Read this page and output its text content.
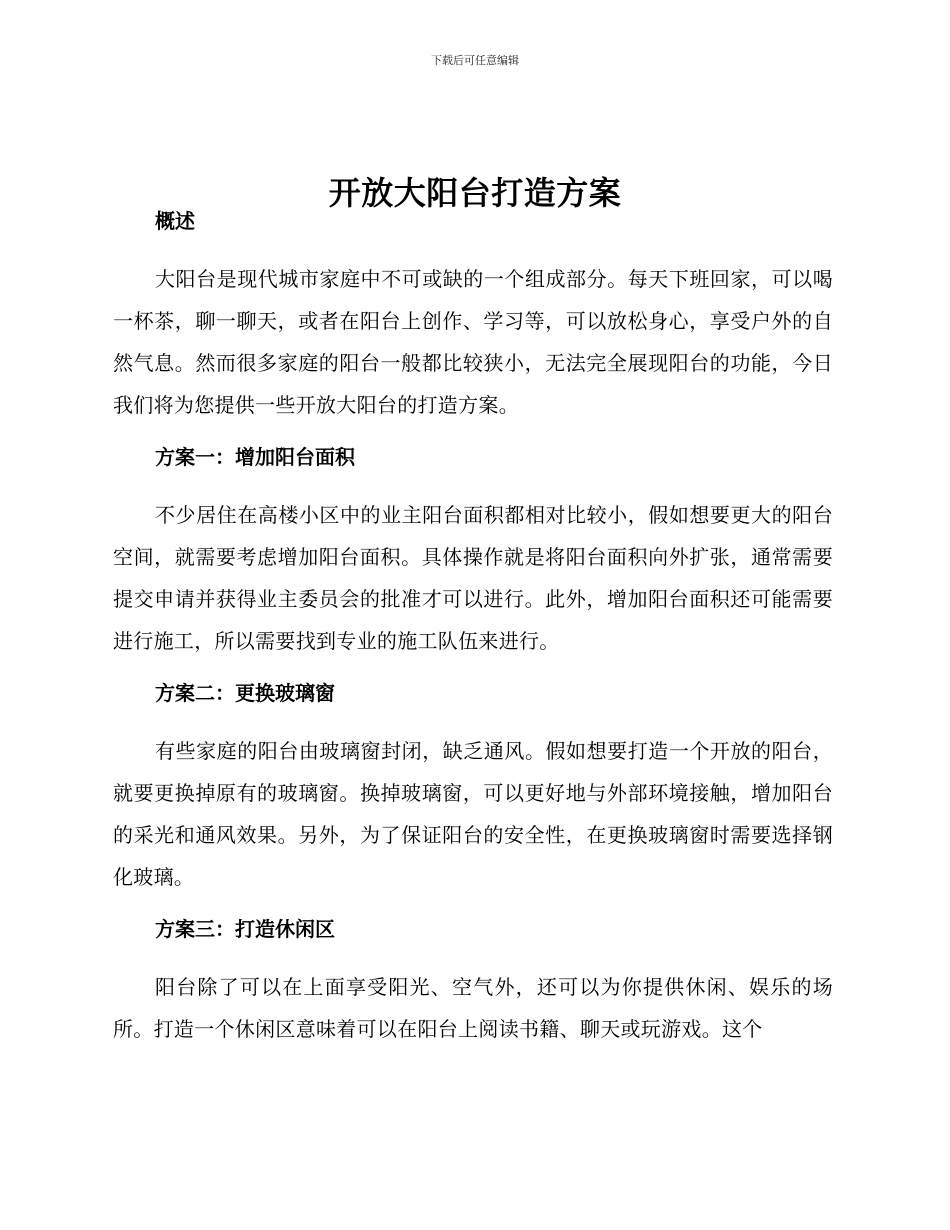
下载后可任意编辑
开放大阳台打造方案
概述

大阳台是现代城市家庭中不可或缺的一个组成部分。每天下班回家，可以喝一杯茶，聊一聊天，或者在阳台上创作、学习等，可以放松身心，享受户外的自然气息。然而很多家庭的阳台一般都比较狭小，无法完全展现阳台的功能，今日我们将为您提供一些开放大阳台的打造方案。

方案一：增加阳台面积

不少居住在高楼小区中的业主阳台面积都相对比较小，假如想要更大的阳台空间，就需要考虑增加阳台面积。具体操作就是将阳台面积向外扩张，通常需要提交申请并获得业主委员会的批准才可以进行。此外，增加阳台面积还可能需要进行施工，所以需要找到专业的施工队伍来进行。

方案二：更换玻璃窗

有些家庭的阳台由玻璃窗封闭，缺乏通风。假如想要打造一个开放的阳台，就要更换掉原有的玻璃窗。换掉玻璃窗，可以更好地与外部环境接触，增加阳台的采光和通风效果。另外，为了保证阳台的安全性，在更换玻璃窗时需要选择钢化玻璃。

方案三：打造休闲区

阳台除了可以在上面享受阳光、空气外，还可以为你提供休闲、娱乐的场所。打造一个休闲区意味着可以在阳台上阅读书籍、聊天或玩游戏。这个
